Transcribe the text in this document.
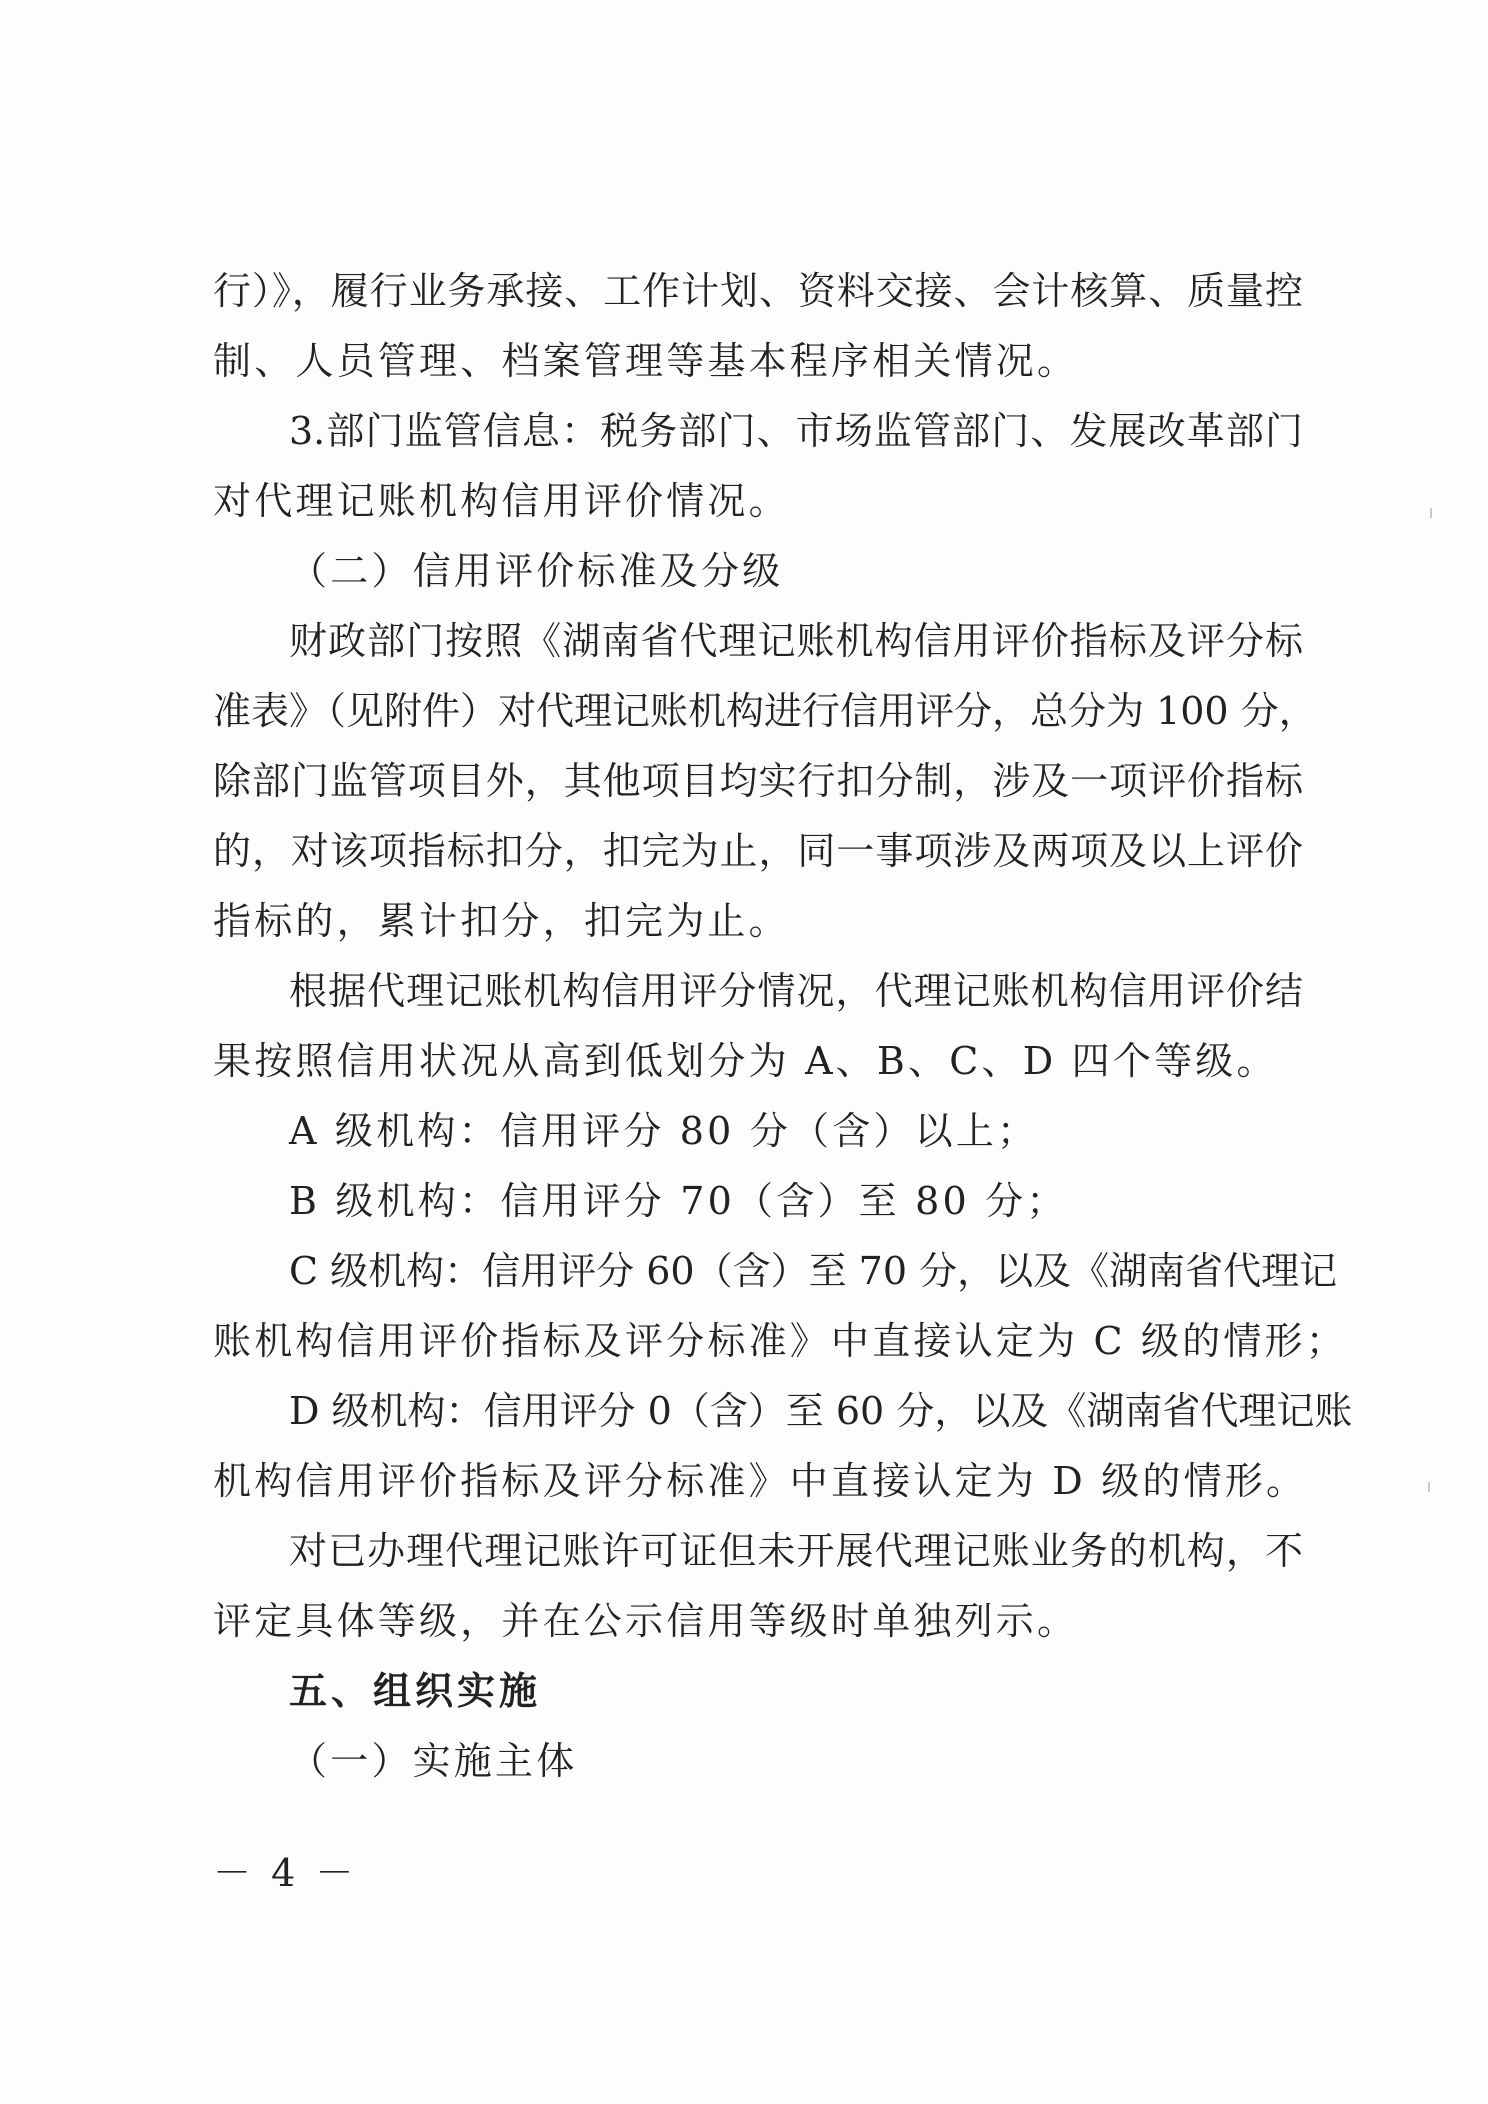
行）》，履行业务承接、工作计划、资料交接、会计核算、质量控
制、人员管理、档案管理等基本程序相关情况。
3.部门监管信息：税务部门、市场监管部门、发展改革部门
对代理记账机构信用评价情况。
（二）信用评价标准及分级
财政部门按照《湖南省代理记账机构信用评价指标及评分标
准表》（见附件）对代理记账机构进行信用评分，总分为 100 分，
除部门监管项目外，其他项目均实行扣分制，涉及一项评价指标
的，对该项指标扣分，扣完为止，同一事项涉及两项及以上评价
指标的，累计扣分，扣完为止。
根据代理记账机构信用评分情况，代理记账机构信用评价结
果按照信用状况从高到低划分为 A、B、C、D 四个等级。
A 级机构：信用评分 80 分（含）以上；
B 级机构：信用评分 70（含）至 80 分；
C 级机构：信用评分 60（含）至 70 分，以及《湖南省代理记
账机构信用评价指标及评分标准》中直接认定为 C 级的情形；
D 级机构：信用评分 0（含）至 60 分，以及《湖南省代理记账
机构信用评价指标及评分标准》中直接认定为 D 级的情形。
对已办理代理记账许可证但未开展代理记账业务的机构，不
评定具体等级，并在公示信用等级时单独列示。
五、组织实施
（一）实施主体
－ 4 －
